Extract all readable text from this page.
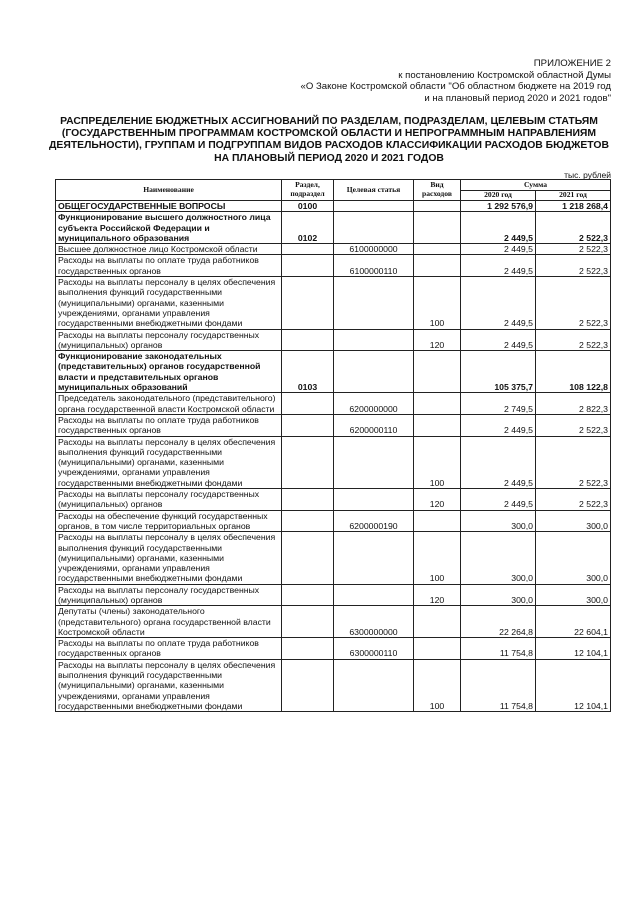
ПРИЛОЖЕНИЕ 2
к постановлению Костромской областной Думы
«О Законе Костромской области "Об областном бюджете на 2019 год
и на плановый период 2020 и 2021 годов"
РАСПРЕДЕЛЕНИЕ БЮДЖЕТНЫХ АССИГНОВАНИЙ ПО РАЗДЕЛАМ, ПОДРАЗДЕЛАМ, ЦЕЛЕВЫМ СТАТЬЯМ (ГОСУДАРСТВЕННЫМ ПРОГРАММАМ КОСТРОМСКОЙ ОБЛАСТИ И НЕПРОГРАММНЫМ НАПРАВЛЕНИЯМ ДЕЯТЕЛЬНОСТИ), ГРУППАМ И ПОДГРУППАМ ВИДОВ РАСХОДОВ КЛАССИФИКАЦИИ РАСХОДОВ БЮДЖЕТОВ НА ПЛАНОВЫЙ ПЕРИОД 2020 И 2021 ГОДОВ
тыс. рублей
Наименование	Раздел, подраздел	Целевая статья	Вид расходов	Сумма	
				2020 год	2021 год
ОБЩЕГОСУДАРСТВЕННЫЕ ВОПРОСЫ	0100			1 292 576,9	1 218 268,4
Функционирование высшего должностного лица субъекта Российской Федерации и муниципального образования	0102			2 449,5	2 522,3
Высшее должностное лицо Костромской области		6100000000		2 449,5	2 522,3
Расходы на выплаты по оплате труда работников государственных органов		6100000110		2 449,5	2 522,3
Расходы на выплаты персоналу в целях обеспечения выполнения функций государственными (муниципальными) органами, казенными учреждениями, органами управления государственными внебюджетными фондами			100	2 449,5	2 522,3
Расходы на выплаты персоналу государственных (муниципальных) органов			120	2 449,5	2 522,3
Функционирование законодательных (представительных) органов государственной власти и представительных органов муниципальных образований	0103			105 375,7	108 122,8
Председатель законодательного (представительного) органа государственной власти Костромской области		6200000000		2 749,5	2 822,3
Расходы на выплаты по оплате труда работников государственных органов		6200000110		2 449,5	2 522,3
Расходы на выплаты персоналу в целях обеспечения выполнения функций государственными (муниципальными) органами, казенными учреждениями, органами управления государственными внебюджетными фондами			100	2 449,5	2 522,3
Расходы на выплаты персоналу государственных (муниципальных) органов			120	2 449,5	2 522,3
Расходы на обеспечение функций государственных органов, в том числе территориальных органов		6200000190		300,0	300,0
Расходы на выплаты персоналу в целях обеспечения выполнения функций государственными (муниципальными) органами, казенными учреждениями, органами управления государственными внебюджетными фондами			100	300,0	300,0
Расходы на выплаты персоналу государственных (муниципальных) органов			120	300,0	300,0
Депутаты (члены) законодательного (представительного) органа государственной власти Костромской области		6300000000		22 264,8	22 604,1
Расходы на выплаты по оплате труда работников государственных органов		6300000110		11 754,8	12 104,1
Расходы на выплаты персоналу в целях обеспечения выполнения функций государственными (муниципальными) органами, казенными учреждениями, органами управления государственными внебюджетными фондами			100	11 754,8	12 104,1
